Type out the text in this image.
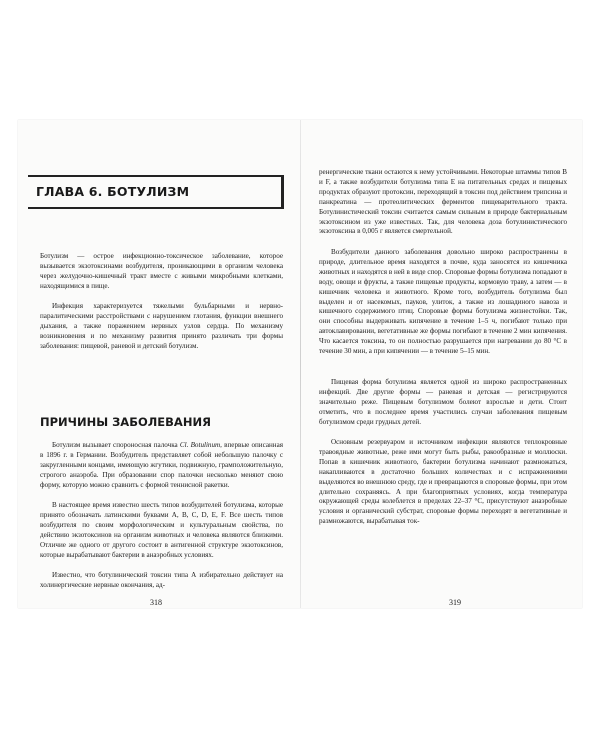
ГЛАВА 6. БОТУЛИЗМ

Ботулизм — острое инфекционно-токсическое заболевание, которое вызывается экзотоксинами возбудителя, проникающими в организм человека через желудочно-кишечный тракт вместе с живыми микробными клетками, находящимися в пище.

Инфекция характеризуется тяжелыми бульбарными и нервно-паралитическими расстройствами с нарушением глотания, функции внешнего дыхания, а также поражением нервных узлов сердца. По механизму возникновения и по механизму развития принято различать три формы заболевания: пищевой, раневой и детский ботулизм.

ПРИЧИНЫ ЗАБОЛЕВАНИЯ

Ботулизм вызывает спороносная палочка Cl. Botulinum, впервые описанная в 1896 г. в Германии. Возбудитель представляет собой небольшую палочку с закругленными концами, имеющую жгутики, подвижную, грамположительную, строгого анаэроба. При образовании спор палочки несколько меняют свою форму, которую можно сравнить с формой теннисной ракетки.

В настоящее время известно шесть типов возбудителей ботулизма, которые принято обозначать латинскими буквами А, В, С, D, Е, F. Все шесть типов возбудителя по своим морфологическим и культуральным свойства, по действию экзотоксинов на организм животных и человека являются близкими. Отличие же одного от другого состоит в антигенной структуре экзотоксинов, которые вырабатывают бактерии в анаэробных условиях.

Известно, что ботулинический токсин типа А избирательно действует на холинергические нервные окончания, ад-

318

ренергические ткани остаются к нему устойчивыми. Некоторые штаммы типов В и F, а также возбудители ботулизма типа Е на питательных средах и пищевых продуктах образуют протоксин, переходящий в токсин под действием трипсина и панкреатина — протеолитических ферментов пищеварительного тракта. Ботулинистический токсин считается самым сильным в природе бактериальным экзотоксином из уже известных. Так, для человека доза ботулинистического экзотоксина в 0,005 г является смертельной.

Возбудители данного заболевания довольно широко распространены в природе, длительное время находятся в почве, куда заносятся из кишечника животных и находятся в ней в виде спор. Споровые формы ботулизма попадают в воду, овощи и фрукты, а также пищевые продукты, кормовую траву, а затем — в кишечник человека и животного. Кроме того, возбудитель ботулизма был выделен и от насекомых, пауков, улиток, а также из лошадиного навоза и кишечного содержимого птиц. Споровые формы ботулизма жизнестойки. Так, они способны выдерживать кипячение в течение 1–5 ч, погибают только при автоклавировании, вегетативные же формы погибают в течение 2 мин кипячения. Что касается токсина, то он полностью разрушается при нагревании до 80 °С в течение 30 мин, а при кипячении — в течение 5–15 мин.

Пищевая форма ботулизма является одной из широко распространенных инфекций. Две другие формы — раневая и детская — регистрируются значительно реже. Пищевым ботулизмом болеют взрослые и дети. Стоит отметить, что в последнее время участились случаи заболевания пищевым ботулизмом среди грудных детей.

Основным резервуаром и источником инфекции являются теплокровные травоядные животные, реже ими могут быть рыбы, ракообразные и моллюски. Попав в кишечник животного, бактерии ботулизма начинают размножаться, накапливаются в достаточно больших количествах и с испражнениями выделяются во внешнюю среду, где и превращаются в споровые формы, при этом длительно сохраняясь. А при благоприятных условиях, когда температура окружающей среды колеблется в пределах 22–37 °С, присутствуют анаэробные условия и органический субстрат, споровые формы переходят в вегетативные и размножаются, вырабатывая ток-

319
